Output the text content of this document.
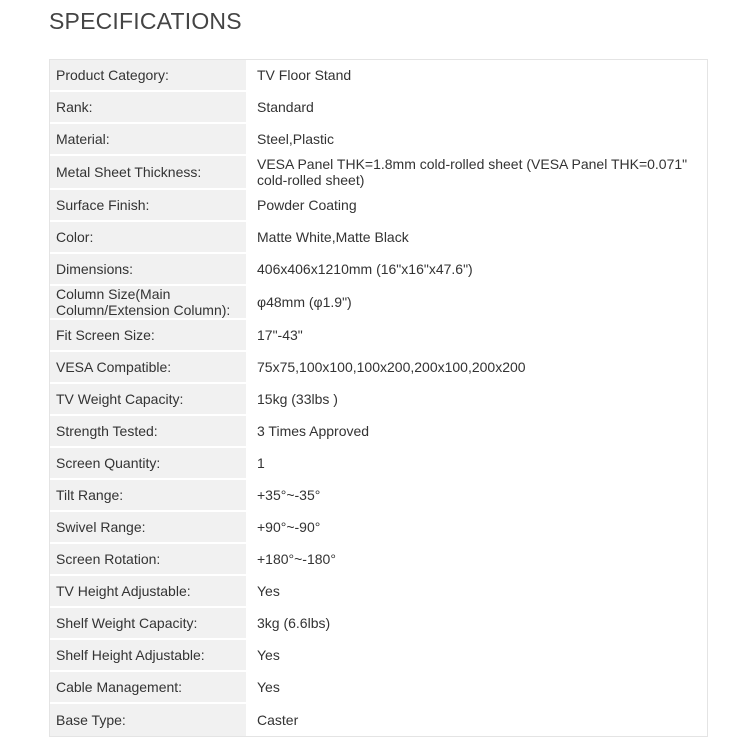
SPECIFICATIONS
Product Category:	TV Floor Stand
Rank:	Standard
Material:	Steel,Plastic
Metal Sheet Thickness:	VESA Panel THK=1.8mm cold-rolled sheet (VESA Panel THK=0.071" cold-rolled sheet)
Surface Finish:	Powder Coating
Color:	Matte White,Matte Black
Dimensions:	406x406x1210mm (16"x16"x47.6")
Column Size(Main Column/Extension Column):	φ48mm (φ1.9")
Fit Screen Size:	17"-43"
VESA Compatible:	75x75,100x100,100x200,200x100,200x200
TV Weight Capacity:	15kg (33lbs )
Strength Tested:	3 Times Approved
Screen Quantity:	1
Tilt Range:	+35°~-35°
Swivel Range:	+90°~-90°
Screen Rotation:	+180°~-180°
TV Height Adjustable:	Yes
Shelf Weight Capacity:	3kg (6.6lbs)
Shelf Height Adjustable:	Yes
Cable Management:	Yes
Base Type:	Caster
